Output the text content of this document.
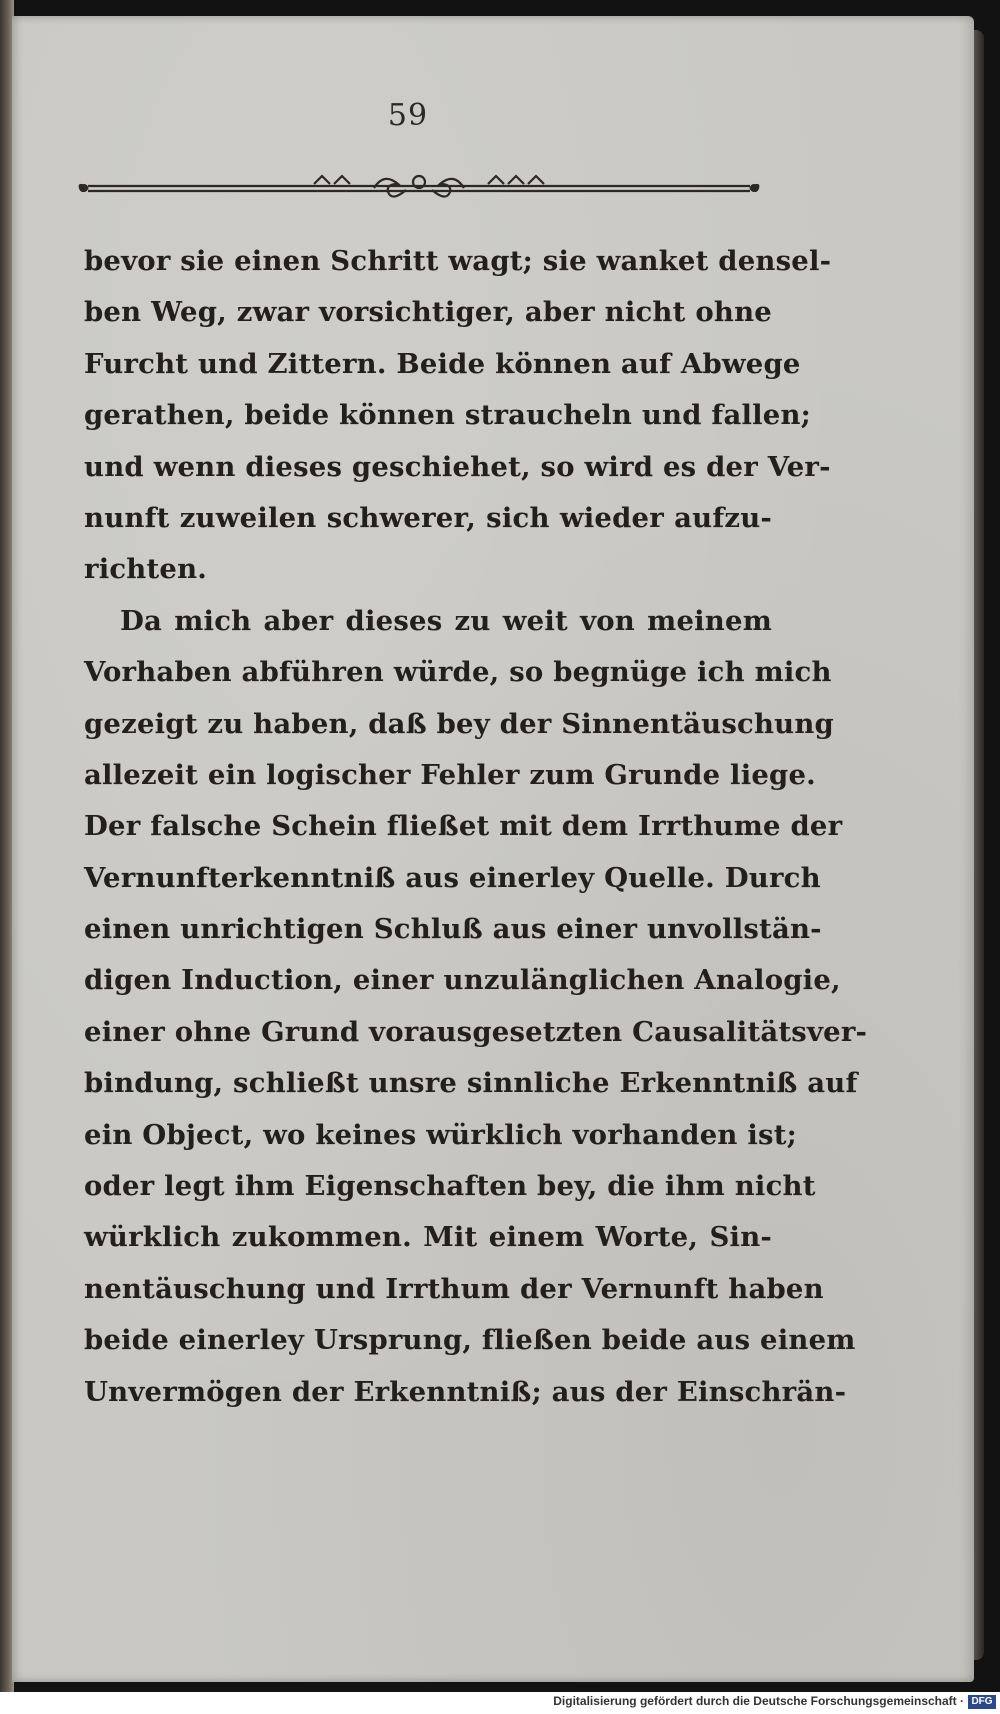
59
bevor sie einen Schritt wagt; sie wanket densel-
ben Weg, zwar vorsichtiger, aber nicht ohne
Furcht und Zittern. Beide können auf Abwege
gerathen, beide können straucheln und fallen;
und wenn dieses geschiehet, so wird es der Ver-
nunft zuweilen schwerer, sich wieder aufzu-
richten.
Da mich aber dieses zu weit von meinem
Vorhaben abführen würde, so begnüge ich mich
gezeigt zu haben, daß bey der Sinnentäuschung
allezeit ein logischer Fehler zum Grunde liege.
Der falsche Schein fließet mit dem Irrthume der
Vernunfterkenntniß aus einerley Quelle. Durch
einen unrichtigen Schluß aus einer unvollstän-
digen Induction, einer unzulänglichen Analogie,
einer ohne Grund vorausgesetzten Causalitätsver-
bindung, schließt unsre sinnliche Erkenntniß auf
ein Object, wo keines würklich vorhanden ist;
oder legt ihm Eigenschaften bey, die ihm nicht
würklich zukommen. Mit einem Worte, Sin-
nentäuschung und Irrthum der Vernunft haben
beide einerley Ursprung, fließen beide aus einem
Unvermögen der Erkenntniß; aus der Einschrän-
Digitalisierung gefördert durch die Deutsche Forschungsgemeinschaft · DFG
